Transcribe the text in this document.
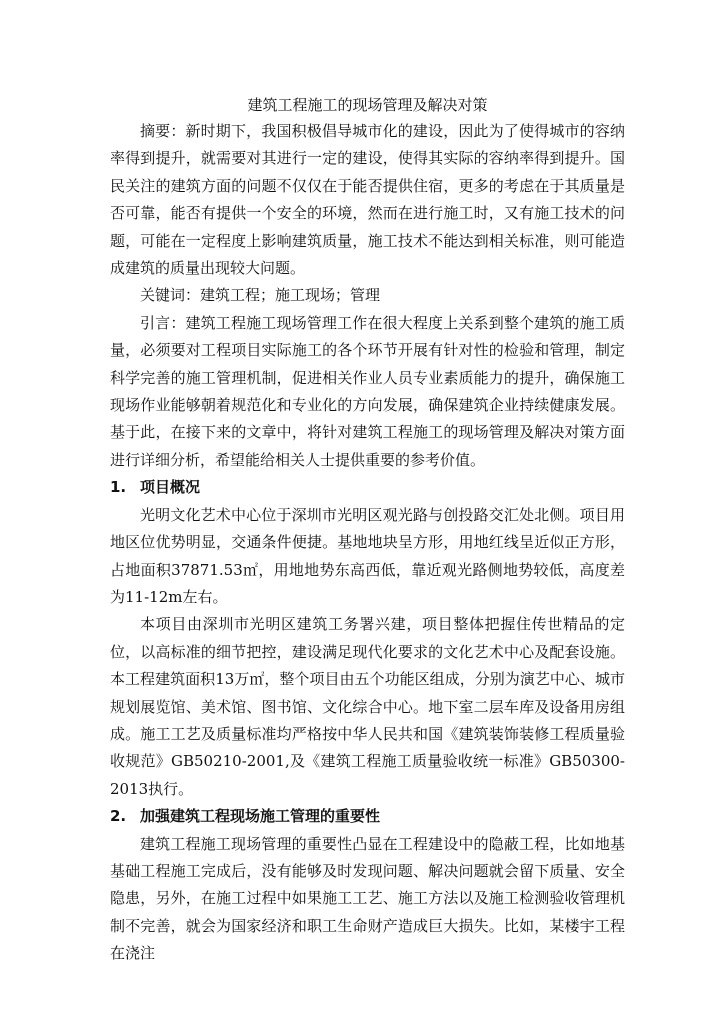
建筑工程施工的现场管理及解决对策

摘要：新时期下，我国积极倡导城市化的建设，因此为了使得城市的容纳率得到提升，就需要对其进行一定的建设，使得其实际的容纳率得到提升。国民关注的建筑方面的问题不仅仅在于能否提供住宿，更多的考虑在于其质量是否可靠，能否有提供一个安全的环境，然而在进行施工时，又有施工技术的问题，可能在一定程度上影响建筑质量，施工技术不能达到相关标准，则可能造成建筑的质量出现较大问题。

关键词：建筑工程；施工现场；管理

引言：建筑工程施工现场管理工作在很大程度上关系到整个建筑的施工质量，必须要对工程项目实际施工的各个环节开展有针对性的检验和管理，制定科学完善的施工管理机制，促进相关作业人员专业素质能力的提升，确保施工现场作业能够朝着规范化和专业化的方向发展，确保建筑企业持续健康发展。基于此，在接下来的文章中，将针对建筑工程施工的现场管理及解决对策方面进行详细分析，希望能给相关人士提供重要的参考价值。

1. 项目概况

光明文化艺术中心位于深圳市光明区观光路与创投路交汇处北侧。项目用地区位优势明显，交通条件便捷。基地地块呈方形，用地红线呈近似正方形，占地面积37871.53㎡，用地地势东高西低，靠近观光路侧地势较低，高度差为11-12m左右。

本项目由深圳市光明区建筑工务署兴建，项目整体把握住传世精品的定位，以高标准的细节把控，建设满足现代化要求的文化艺术中心及配套设施。本工程建筑面积13万㎡，整个项目由五个功能区组成，分别为演艺中心、城市规划展览馆、美术馆、图书馆、文化综合中心。地下室二层车库及设备用房组成。施工工艺及质量标准均严格按中华人民共和国《建筑装饰装修工程质量验收规范》GB50210-2001,及《建筑工程施工质量验收统一标准》GB50300-2013执行。

2. 加强建筑工程现场施工管理的重要性

建筑工程施工现场管理的重要性凸显在工程建设中的隐蔽工程，比如地基基础工程施工完成后，没有能够及时发现问题、解决问题就会留下质量、安全隐患，另外，在施工过程中如果施工工艺、施工方法以及施工检测验收管理机制不完善，就会为国家经济和职工生命财产造成巨大损失。比如，某楼宇工程在浇注
